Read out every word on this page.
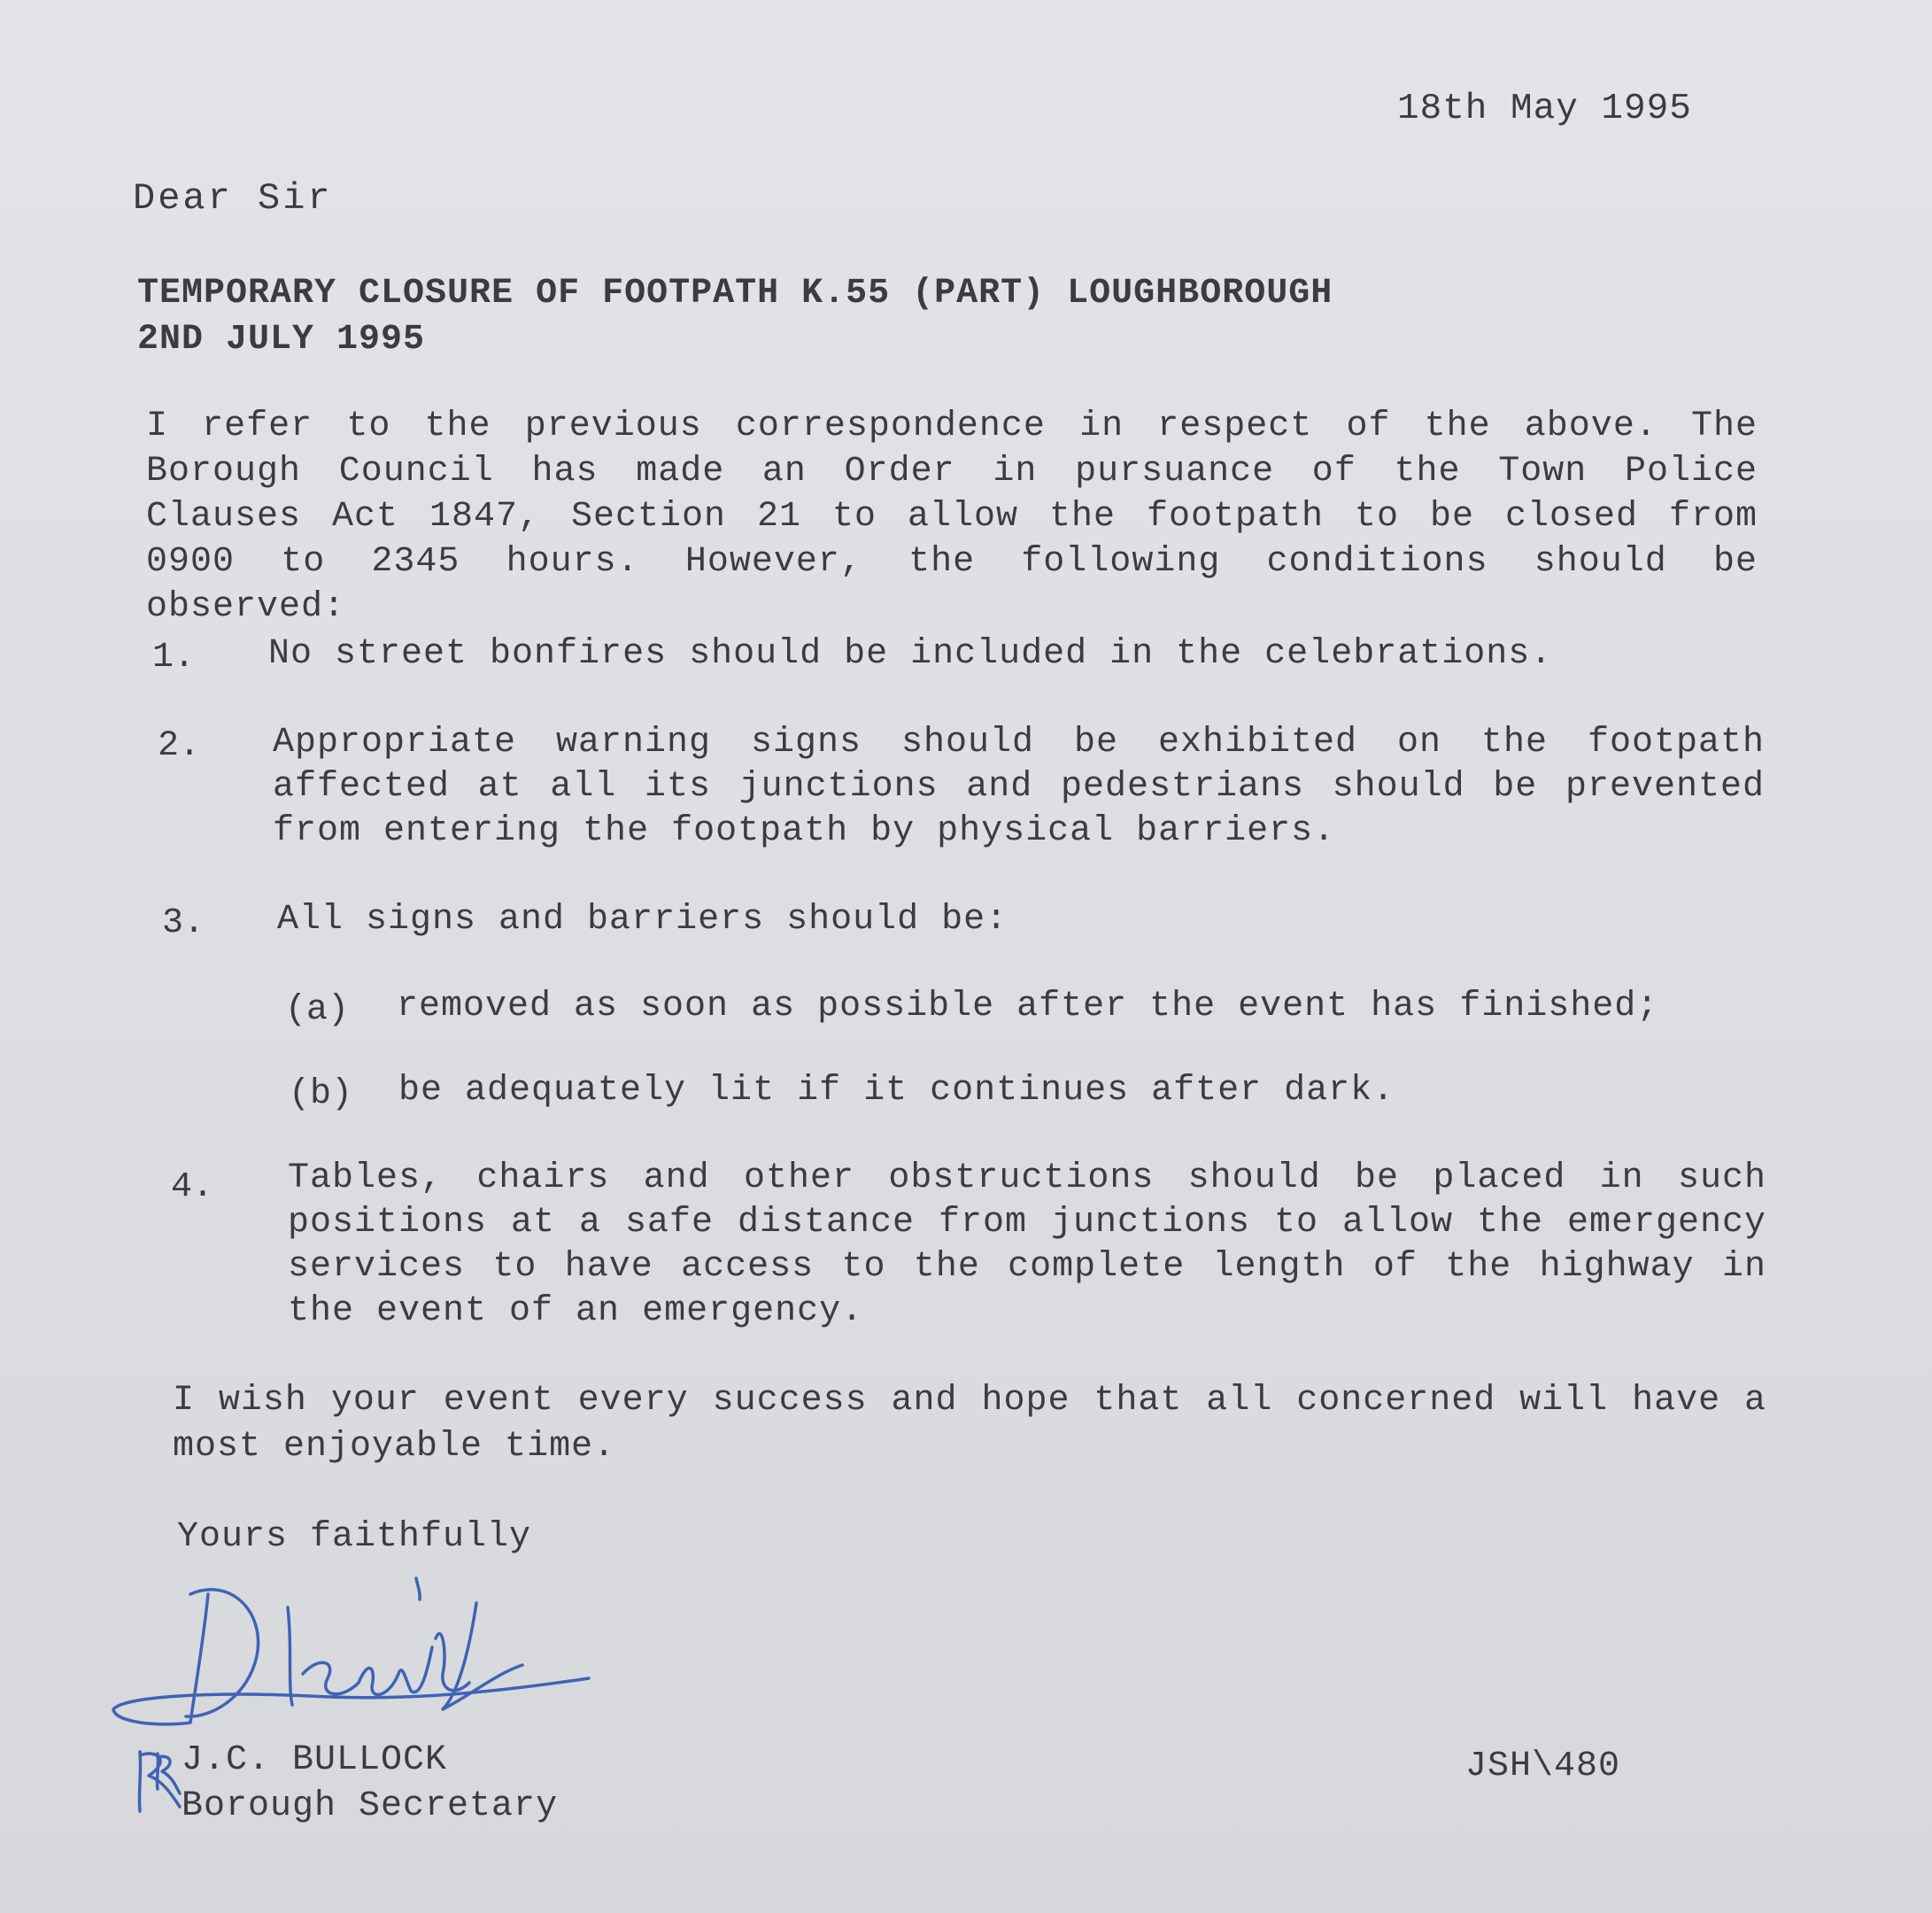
18th May 1995
Dear Sir
TEMPORARY CLOSURE OF FOOTPATH K.55 (PART) LOUGHBOROUGH
2ND JULY 1995
I refer to the previous correspondence in respect of the above. The Borough Council has made an Order in pursuance of the Town Police Clauses Act 1847, Section 21 to allow the footpath to be closed from 0900 to 2345 hours. However, the following conditions should be observed:
1. No street bonfires should be included in the celebrations.
2. Appropriate warning signs should be exhibited on the footpath affected at all its junctions and pedestrians should be prevented from entering the footpath by physical barriers.
3. All signs and barriers should be:
(a) removed as soon as possible after the event has finished;
(b) be adequately lit if it continues after dark.
4. Tables, chairs and other obstructions should be placed in such positions at a safe distance from junctions to allow the emergency services to have access to the complete length of the highway in the event of an emergency.
I wish your event every success and hope that all concerned will have a most enjoyable time.
Yours faithfully
J.C. BULLOCK
Borough Secretary
JSH\480
